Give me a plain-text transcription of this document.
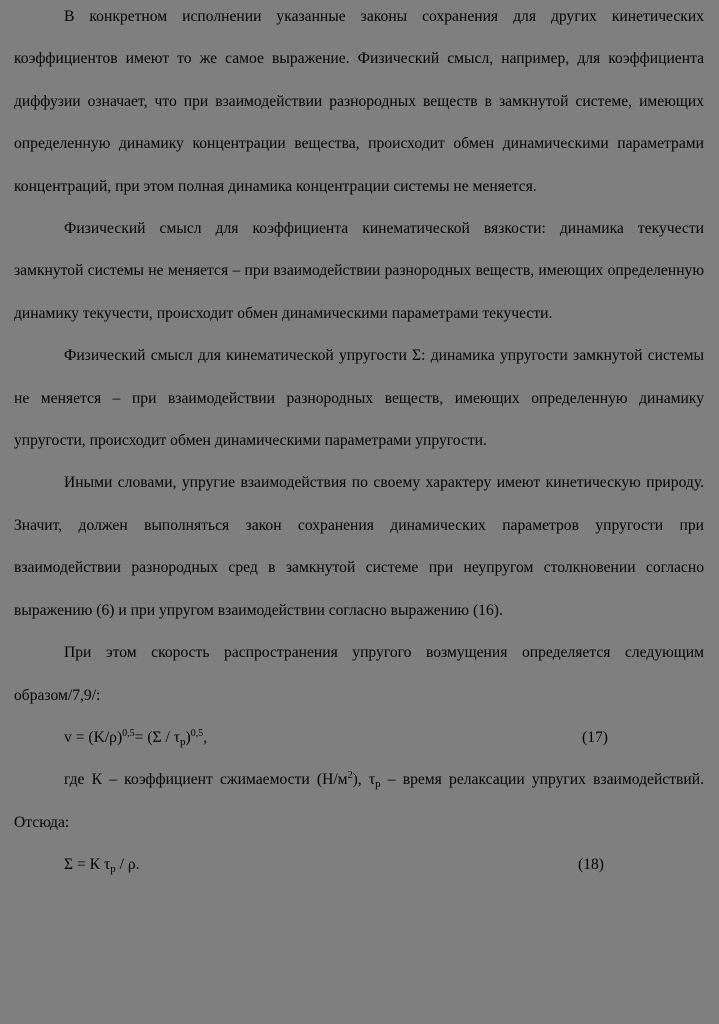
В конкретном исполнении указанные законы сохранения для других кинетических коэффициентов имеют то же самое выражение. Физический смысл, например, для коэффициента диффузии означает, что при взаимодействии разнородных веществ в замкнутой системе, имеющих определенную динамику концентрации вещества, происходит обмен динамическими параметрами концентраций, при этом полная динамика концентрации системы не меняется.

Физический смысл для коэффициента кинематической вязкости: динамика текучести замкнутой системы не меняется – при взаимодействии разнородных веществ, имеющих определенную динамику текучести, происходит обмен динамическими параметрами текучести.

Физический смысл для кинематической упругости Σ: динамика упругости замкнутой системы не меняется – при взаимодействии разнородных веществ, имеющих определенную динамику упругости, происходит обмен динамическими параметрами упругости.

Иными словами, упругие взаимодействия по своему характеру имеют кинетическую природу. Значит, должен выполняться закон сохранения динамических параметров упругости при взаимодействии разнородных сред в замкнутой системе при неупругом столкновении согласно выражению (6) и при упругом взаимодействии согласно выражению (16).

При этом скорость распространения упругого возмущения определяется следующим образом/7,9/:

$v = (K/\rho)^{0,5}= (\Sigma / \tau_р)^{0,5}$,	(17)

где К – коэффициент сжимаемости $(Н/м^2)$, $\tau_р$ – время релаксации упругих взаимодействий. Отсюда:

Σ = К $\tau_р$ / ρ.	(18)
